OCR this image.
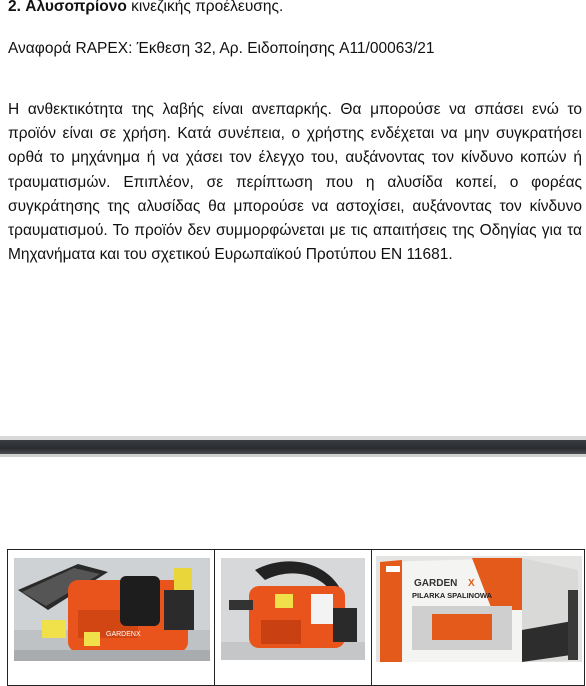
2. Αλυσοπρίονο κινεζικής προέλευσης.
Αναφορά RAPEX: Έκθεση 32, Αρ. Ειδοποίησης A11/00063/21

Η ανθεκτικότητα της λαβής είναι ανεπαρκής. Θα μπορούσε να σπάσει ενώ το προϊόν είναι σε χρήση. Κατά συνέπεια, ο χρήστης ενδέχεται να μην συγκρατήσει ορθά το μηχάνημα ή να χάσει τον έλεγχο του, αυξάνοντας τον κίνδυνο κοπών ή τραυματισμών. Επιπλέον, σε περίπτωση που η αλυσίδα κοπεί, ο φορέας συγκράτησης της αλυσίδας θα μπορούσε να αστοχίσει, αυξάνοντας τον κίνδυνο τραυματισμού. Το προϊόν δεν συμμορφώνεται με τις απαιτήσεις της Οδηγίας για τα Μηχανήματα και του σχετικού Ευρωπαϊκού Προτύπου EN 11681.

GARDENX

GARDEN X
PILARKA SPALINOWA
